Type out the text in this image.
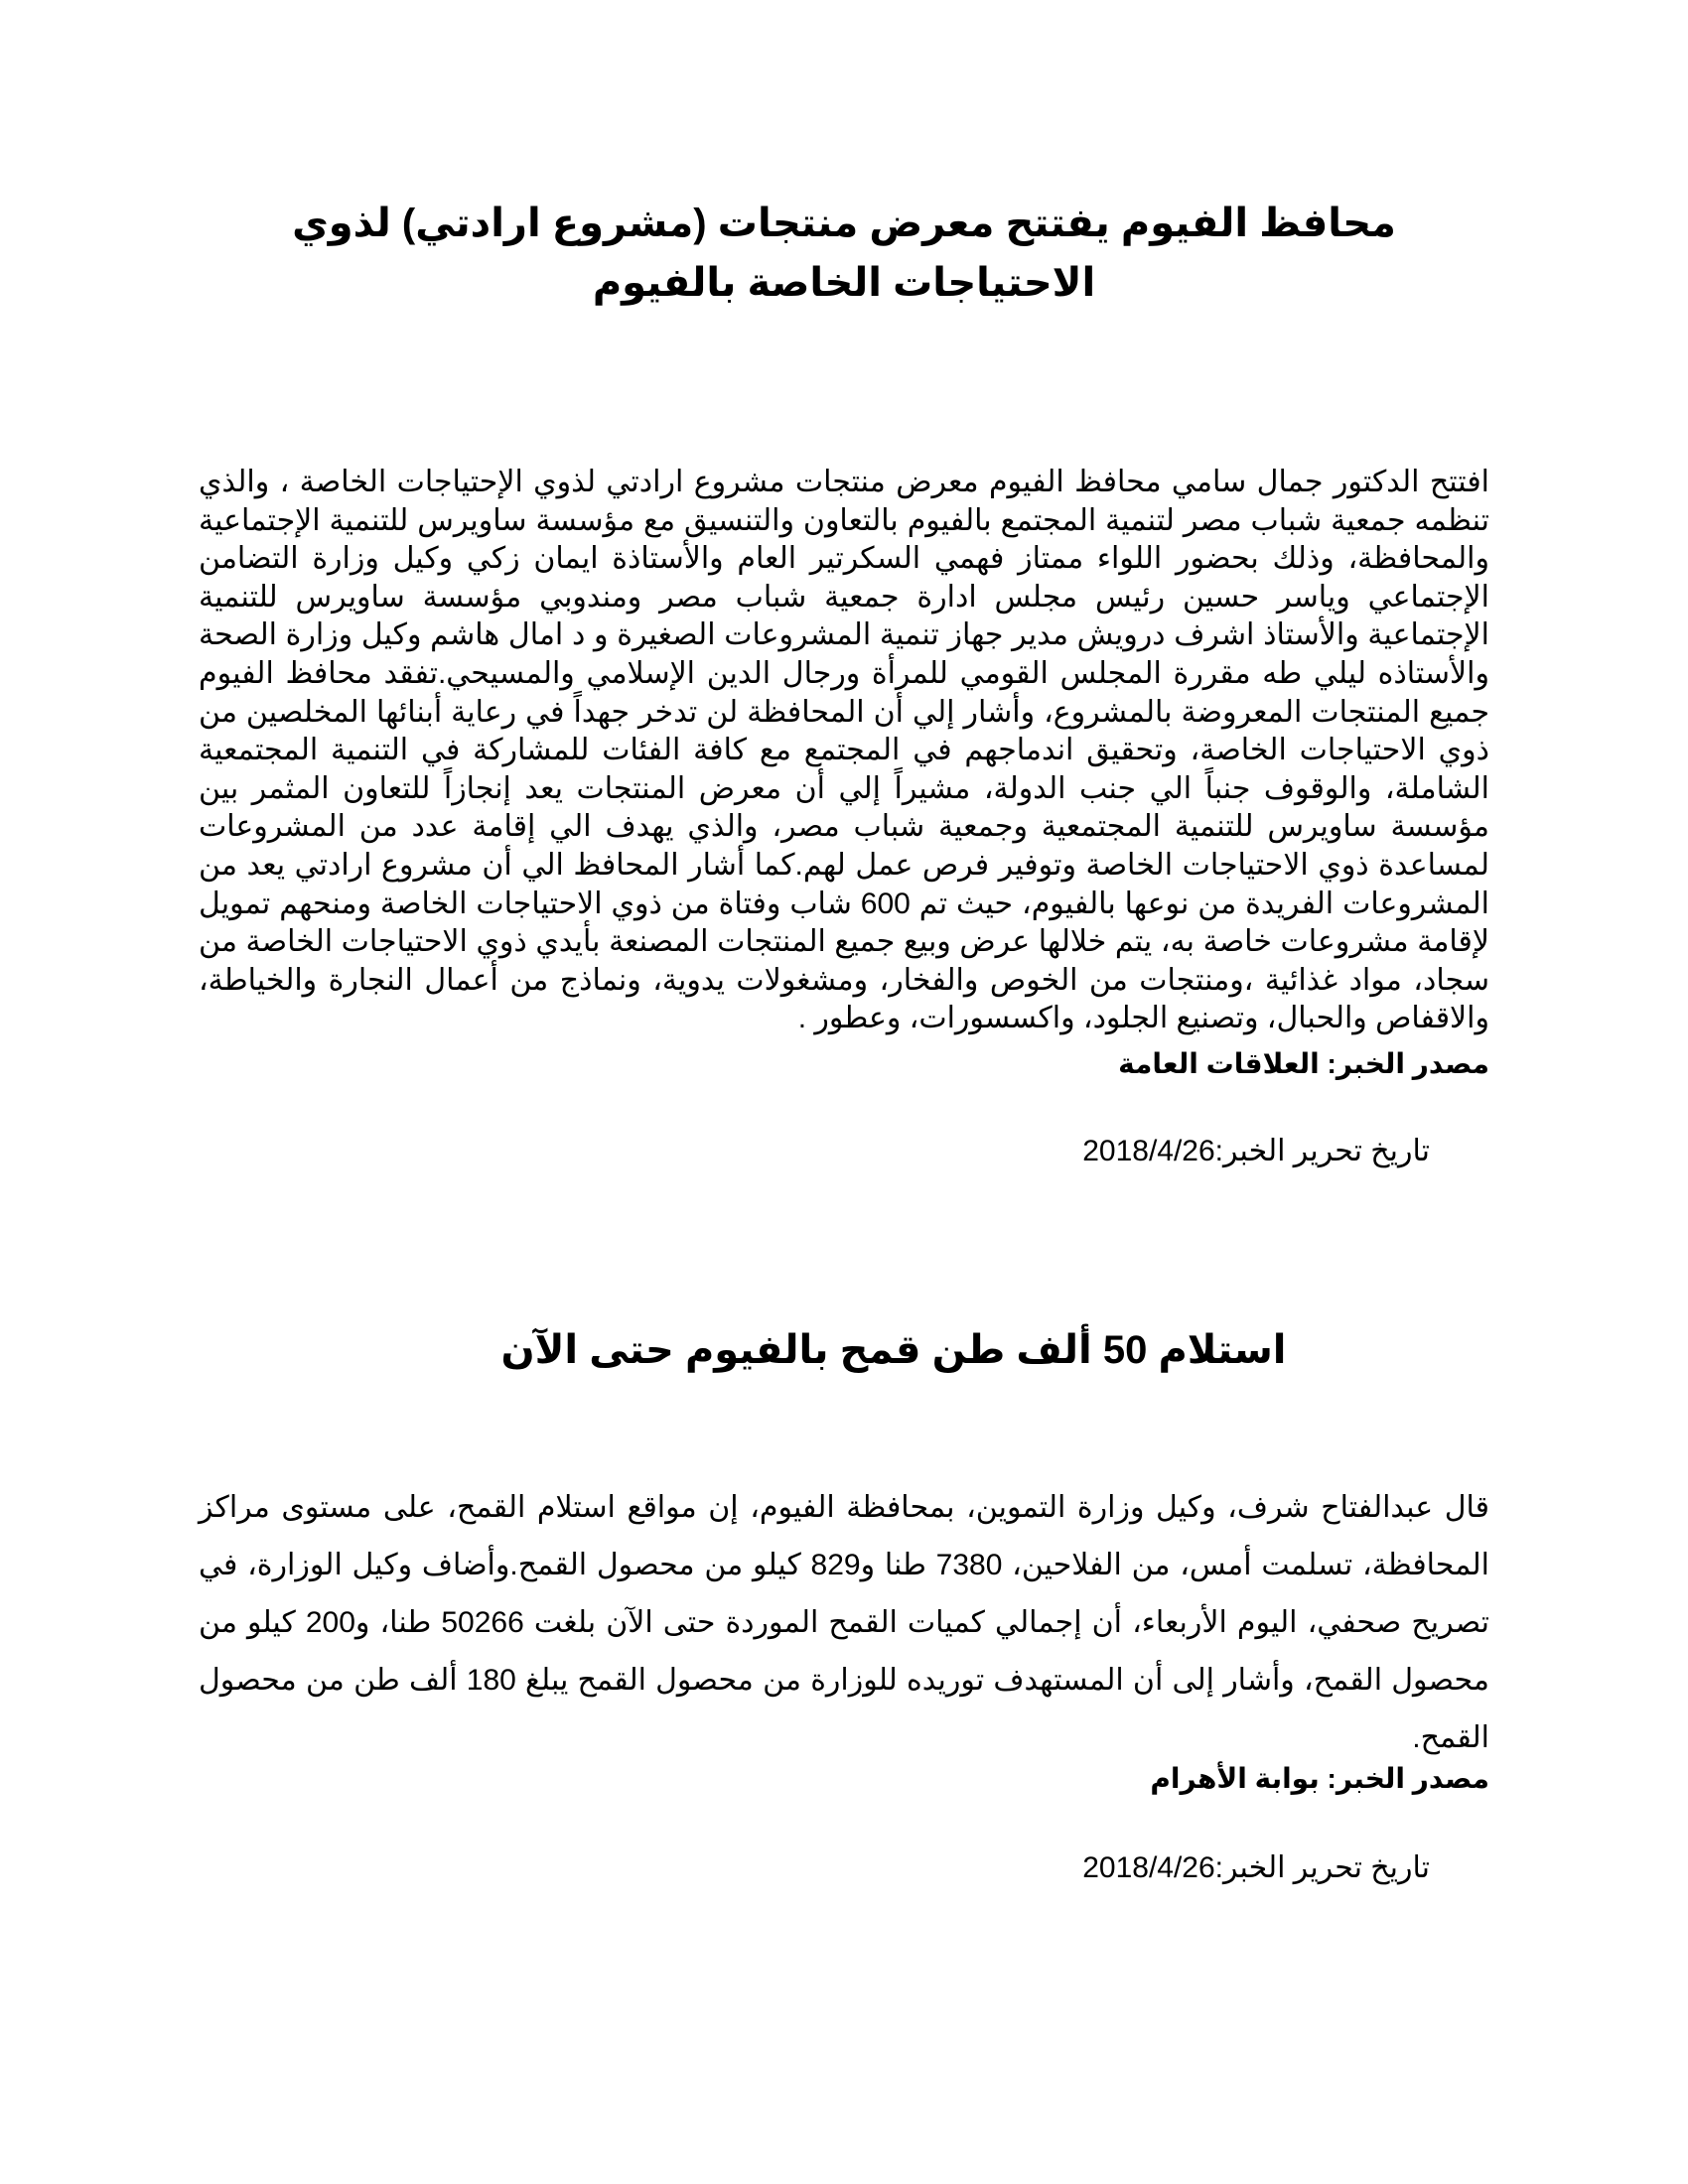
محافظ الفيوم يفتتح معرض منتجات (مشروع ارادتي) لذوي الاحتياجات الخاصة بالفيوم

افتتح الدكتور جمال سامي محافظ الفيوم معرض منتجات مشروع ارادتي لذوي الإحتياجات الخاصة ، والذي تنظمه جمعية شباب مصر لتنمية المجتمع بالفيوم بالتعاون والتنسيق مع مؤسسة ساويرس للتنمية الإجتماعية والمحافظة، وذلك بحضور اللواء ممتاز فهمي السكرتير العام والأستاذة ايمان زكي وكيل وزارة التضامن الإجتماعي وياسر حسين رئيس مجلس ادارة جمعية شباب مصر ومندوبي مؤسسة ساويرس للتنمية الإجتماعية والأستاذ اشرف درويش مدير جهاز تنمية المشروعات الصغيرة و د امال هاشم وكيل وزارة الصحة والأستاذه ليلي طه مقررة المجلس القومي للمرأة ورجال الدين الإسلامي والمسيحي.تفقد محافظ الفيوم جميع المنتجات المعروضة بالمشروع، وأشار إلي أن المحافظة لن تدخر جهداً في رعاية أبنائها المخلصين من ذوي الاحتياجات الخاصة، وتحقيق اندماجهم في المجتمع مع كافة الفئات للمشاركة في التنمية المجتمعية الشاملة، والوقوف جنباً الي جنب الدولة، مشيراً إلي أن معرض المنتجات يعد إنجازاً للتعاون المثمر بين مؤسسة ساويرس للتنمية المجتمعية وجمعية شباب مصر، والذي يهدف الي إقامة عدد من المشروعات لمساعدة ذوي الاحتياجات الخاصة وتوفير فرص عمل لهم.كما أشار المحافظ الي أن مشروع ارادتي يعد من المشروعات الفريدة من نوعها بالفيوم، حيث تم 600 شاب وفتاة من ذوي الاحتياجات الخاصة ومنحهم تمويل لإقامة مشروعات خاصة به، يتم خلالها عرض وبيع جميع المنتجات المصنعة بأيدي ذوي الاحتياجات الخاصة من سجاد، مواد غذائية ،ومنتجات من الخوص والفخار، ومشغولات يدوية، ونماذج من أعمال النجارة والخياطة، والاقفاص والحبال، وتصنيع الجلود، واكسسورات، وعطور .

مصدر الخبر: العلاقات العامة
تاريخ تحرير الخبر:2018/4/26
استلام 50 ألف طن قمح بالفيوم حتى الآن

قال عبدالفتاح شرف، وكيل وزارة التموين، بمحافظة الفيوم، إن مواقع استلام القمح، على مستوى مراكز المحافظة، تسلمت أمس، من الفلاحين، 7380 طنا و829 كيلو من محصول القمح.وأضاف وكيل الوزارة، في تصريح صحفي، اليوم الأربعاء، أن إجمالي كميات القمح الموردة حتى الآن بلغت 50266 طنا، و200 كيلو من محصول القمح، وأشار إلى أن المستهدف توريده للوزارة من محصول القمح يبلغ 180 ألف طن من محصول القمح.

مصدر الخبر: بوابة الأهرام
تاريخ تحرير الخبر:2018/4/26
